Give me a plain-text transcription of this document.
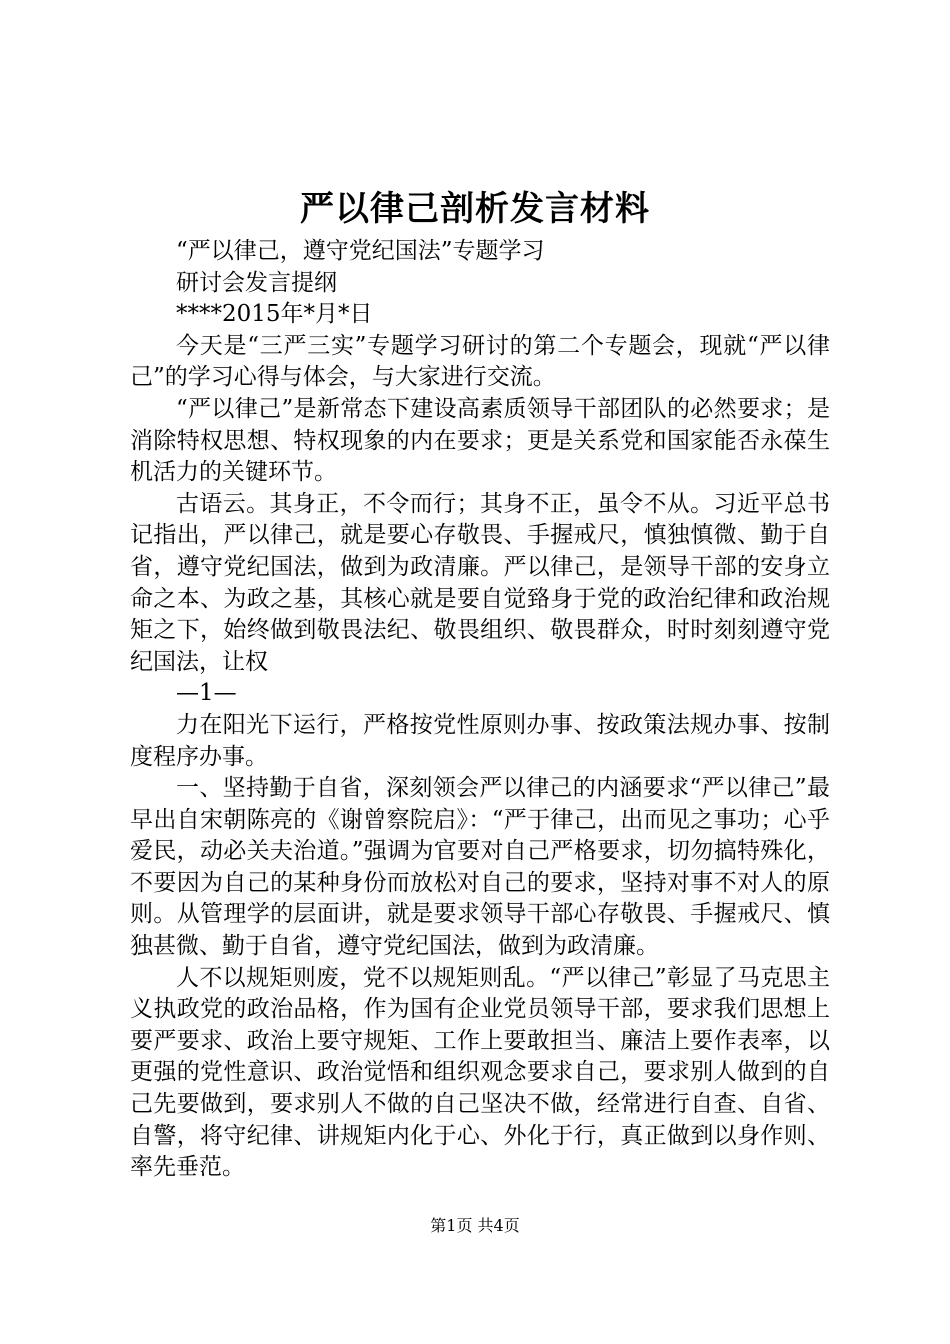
严以律己剖析发言材料

“严以律己，遵守党纪国法”专题学习

研讨会发言提纲

****2015年*月*日

今天是“三严三实”专题学习研讨的第二个专题会，现就“严以律己”的学习心得与体会，与大家进行交流。

“严以律己”是新常态下建设高素质领导干部团队的必然要求；是消除特权思想、特权现象的内在要求；更是关系党和国家能否永葆生机活力的关键环节。

古语云。其身正，不令而行；其身不正，虽令不从。习近平总书记指出，严以律己，就是要心存敬畏、手握戒尺，慎独慎微、勤于自省，遵守党纪国法，做到为政清廉。严以律己，是领导干部的安身立命之本、为政之基，其核心就是要自觉臵身于党的政治纪律和政治规矩之下，始终做到敬畏法纪、敬畏组织、敬畏群众，时时刻刻遵守党纪国法，让权

—1—

力在阳光下运行，严格按党性原则办事、按政策法规办事、按制度程序办事。

一、坚持勤于自省，深刻领会严以律己的内涵要求“严以律己”最早出自宋朝陈亮的《谢曾察院启》：“严于律己，出而见之事功；心乎爱民，动必关夫治道。”强调为官要对自己严格要求，切勿搞特殊化，不要因为自己的某种身份而放松对自己的要求，坚持对事不对人的原则。从管理学的层面讲，就是要求领导干部心存敬畏、手握戒尺、慎独甚微、勤于自省，遵守党纪国法，做到为政清廉。

人不以规矩则废，党不以规矩则乱。“严以律己”彰显了马克思主义执政党的政治品格，作为国有企业党员领导干部，要求我们思想上要严要求、政治上要守规矩、工作上要敢担当、廉洁上要作表率，以更强的党性意识、政治觉悟和组织观念要求自己，要求别人做到的自己先要做到，要求别人不做的自己坚决不做，经常进行自查、自省、自警，将守纪律、讲规矩内化于心、外化于行，真正做到以身作则、率先垂范。

第1页 共4页
